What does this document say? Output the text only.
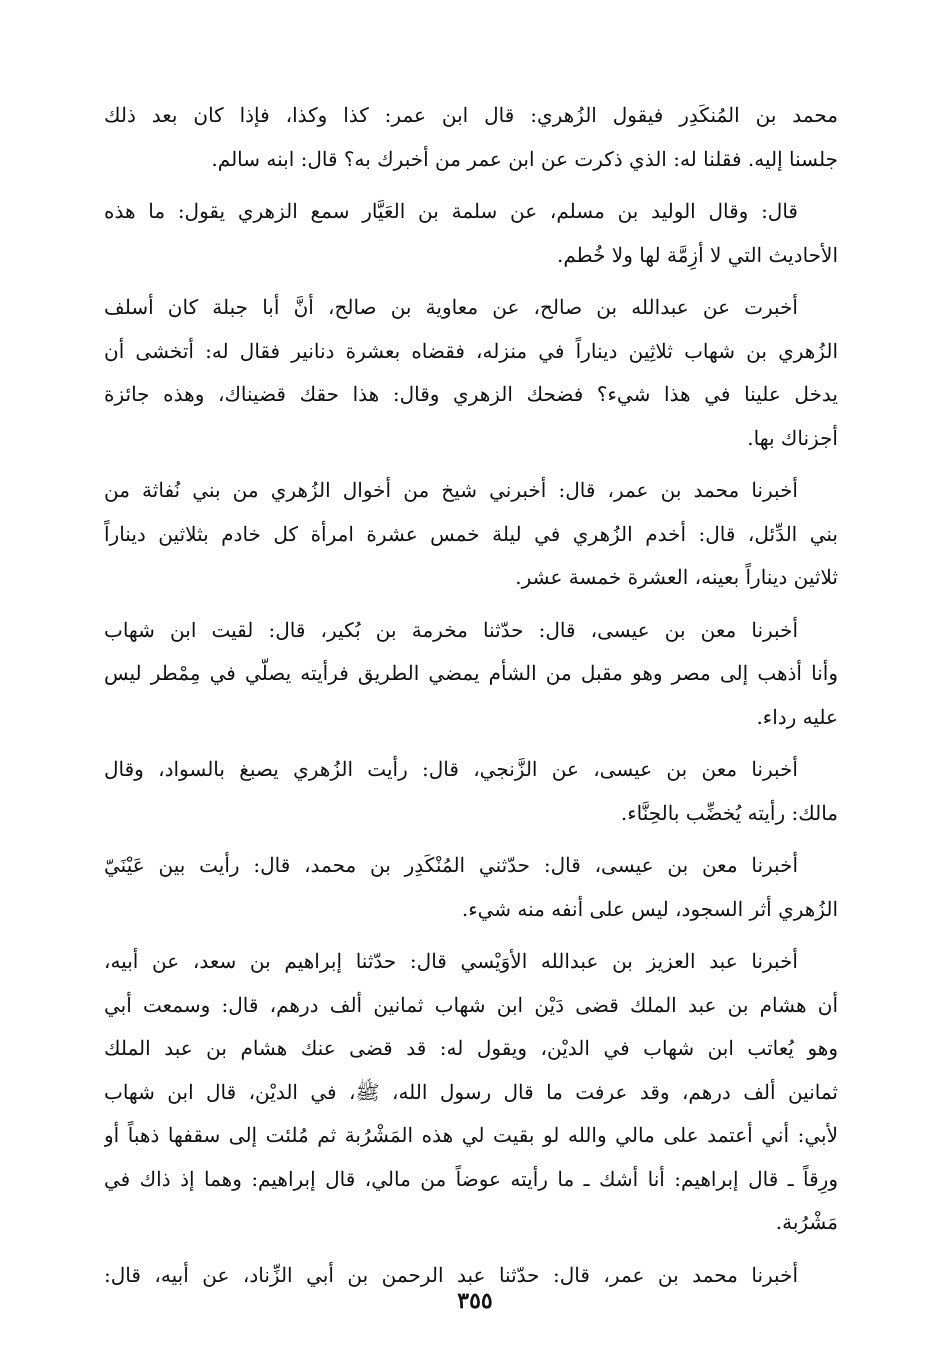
محمد بن المُنكَدِر فيقول الزُهري: قال ابن عمر: كذا وكذا، فإذا كان بعد ذلك
جلسنا إليه. فقلنا له: الذي ذكرت عن ابن عمر من أخبرك به؟ قال: ابنه سالم.
قال: وقال الوليد بن مسلم، عن سلمة بن العَيَّار سمع الزهري يقول: ما هذه
الأحاديث التي لا أزِمَّة لها ولا خُطم.
أخبرت عن عبدالله بن صالح، عن معاوية بن صالح، أنَّ أبا جبلة كان أسلف
الزُهري بن شهاب ثلاثِين ديناراً في منزله، فقضاه بعشرة دنانير فقال له: أتخشى أن
يدخل علينا في هذا شيء؟ فضحك الزهري وقال: هذا حقك قضيناك، وهذه جائزة
أجزناك بها.
أخبرنا محمد بن عمر، قال: أخبرني شيخ من أخوال الزُهري من بني نُفاثة من
بني الدِّئل، قال: أخدم الزُهري في ليلة خمس عشرة امرأة كل خادم بثلاثين ديناراً
ثلاثين ديناراً بعينه، العشرة خمسة عشر.
أخبرنا معن بن عيسى، قال: حدّثنا مخرمة بن بُكير، قال: لقيت ابن شهاب
وأنا أذهب إلى مصر وهو مقبل من الشأم يمضي الطريق فرأيته يصلّي في مِمْطر ليس
عليه رداء.
أخبرنا معن بن عيسى، عن الزَّنجي، قال: رأيت الزُهري يصبغ بالسواد، وقال
مالك: رأيته يُخضِّب بالحِنَّاء.
أخبرنا معن بن عيسى، قال: حدّثني المُنْكَدِر بن محمد، قال: رأيت بين عَيْنَيّ
الزُهري أثر السجود، ليس على أنفه منه شيء.
أخبرنا عبد العزيز بن عبدالله الأوَيْسي قال: حدّثنا إبراهيم بن سعد، عن أبيه،
أن هشام بن عبد الملك قضى دَيْن ابن شهاب ثمانين ألف درهم، قال: وسمعت أبي
وهو يُعاتب ابن شهاب في الديْن، ويقول له: قد قضى عنك هشام بن عبد الملك
ثمانين ألف درهم، وقد عرفت ما قال رسول الله، ﷺ، في الديْن، قال ابن شهاب
لأبي: أني أعتمد على مالي والله لو بقيت لي هذه المَشْرُبة ثم مُلئت إلى سقفها ذهباً أو
ورِقاً ـ قال إبراهيم: أنا أشك ـ ما رأيته عوضاً من مالي، قال إبراهيم: وهما إذ ذاك في
مَشْرُبة.
أخبرنا محمد بن عمر، قال: حدّثنا عبد الرحمن بن أبي الزِّناد، عن أبيه، قال:
٣٥٥
